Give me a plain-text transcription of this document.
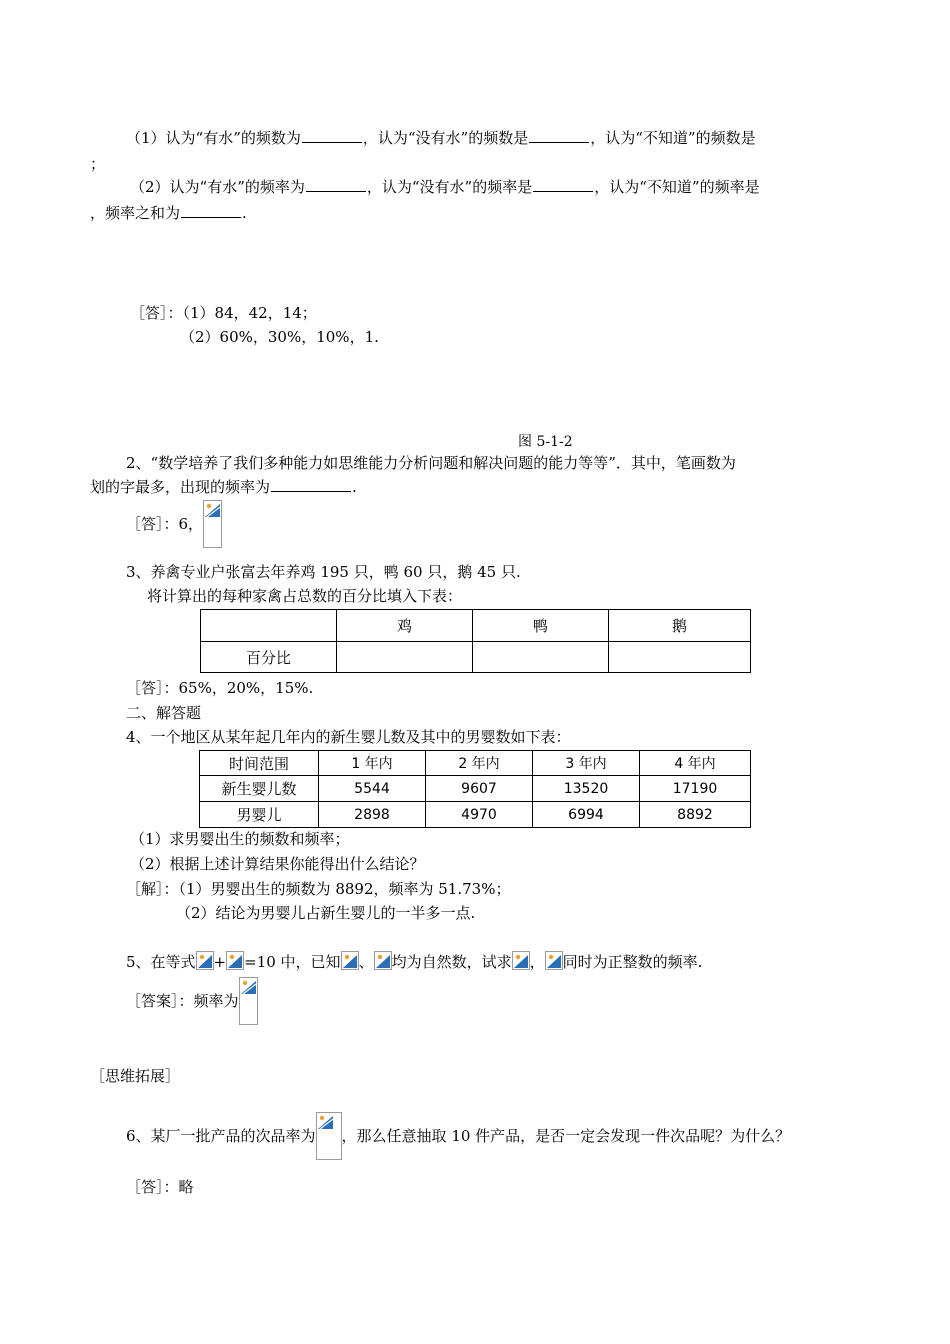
（1）认为“有水”的频数为	，认为“没有水”的频数是	，认为“不知道”的频数是
；
（2）认为“有水”的频率为	，认为“没有水”的频率是	，认为“不知道”的频率是
，频率之和为	.
［答］：（1）84，42，14；
（2）60%，30%，10%，1.
图 5-1-2
2、“数学培养了我们多种能力如思维能力分析问题和解决问题的能力等等”．其中，笔画数为
划的字最多，出现的频率为	.
［答］：6，
3、养禽专业户张富去年养鸡 195 只，鸭 60 只，鹅 45 只.
将计算出的每种家禽占总数的百分比填入下表：
	鸡	鸭	鹅
百分比			
［答］：65%，20%，15%.
二、解答题
4、一个地区从某年起几年内的新生婴儿数及其中的男婴数如下表：
时间范围	1 年内	2 年内	3 年内	4 年内
新生婴儿数	5544	9607	13520	17190
男婴儿	2898	4970	6994	8892
（1）求男婴出生的频数和频率；
（2）根据上述计算结果你能得出什么结论？
［解］：（1）男婴出生的频数为 8892，频率为 51.73%；
（2）结论为男婴儿占新生婴儿的一半多一点.
5、在等式 + =10 中，已知 、 均为自然数，试求 ， 同时为正整数的频率.
［答案］：频率为
［思维拓展］
6、某厂一批产品的次品率为 ，那么任意抽取 10 件产品，是否一定会发现一件次品呢？为什么？
［答］：略
